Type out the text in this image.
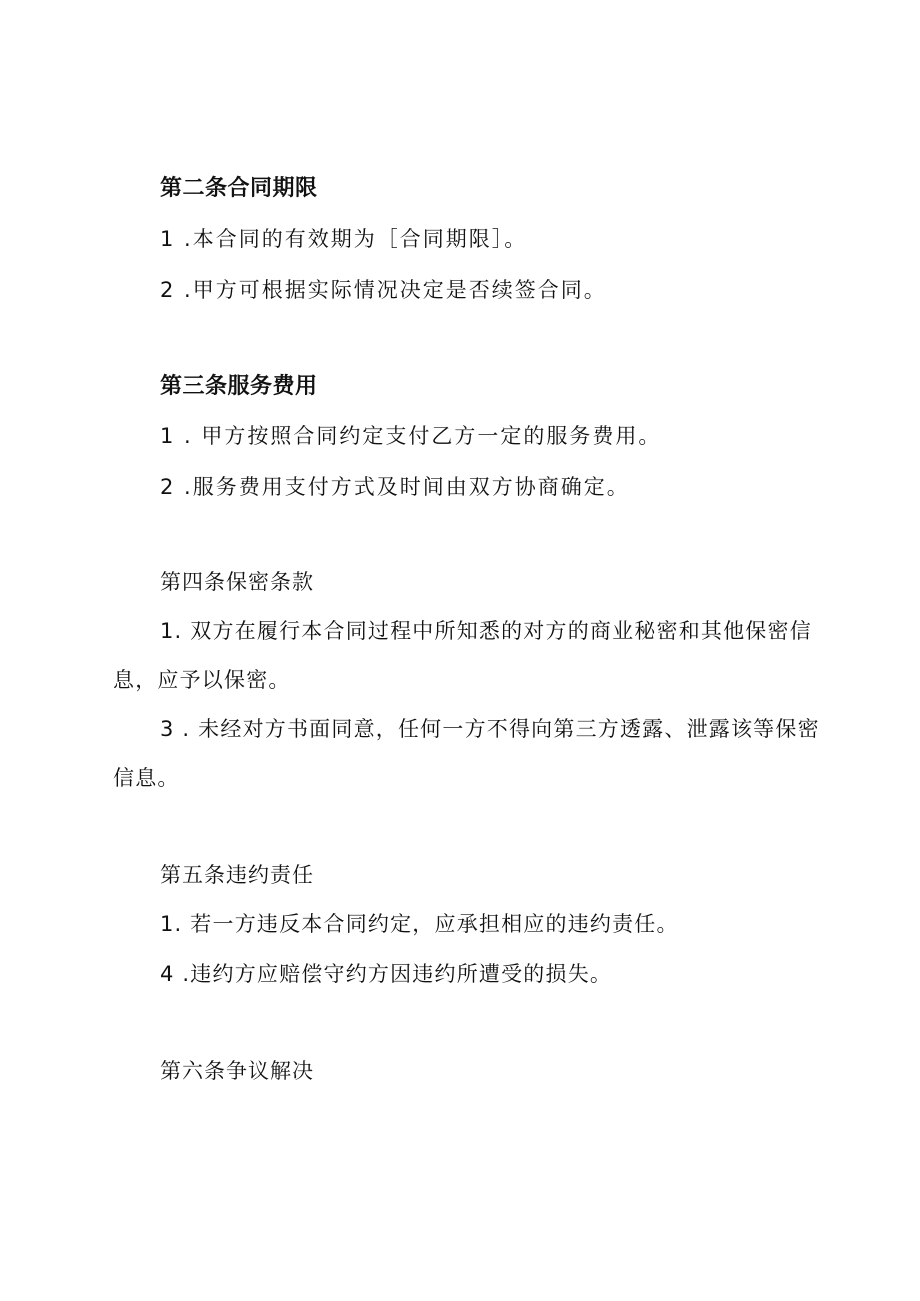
第二条合同期限
1 .本合同的有效期为［合同期限］。
2 .甲方可根据实际情况决定是否续签合同。
第三条服务费用
1 . 甲方按照合同约定支付乙方一定的服务费用。
2 .服务费用支付方式及时间由双方协商确定。
第四条保密条款
1. 双方在履行本合同过程中所知悉的对方的商业秘密和其他保密信
息，应予以保密。
3 . 未经对方书面同意，任何一方不得向第三方透露、泄露该等保密
信息。
第五条违约责任
1. 若一方违反本合同约定，应承担相应的违约责任。
4 .违约方应赔偿守约方因违约所遭受的损失。
第六条争议解决
